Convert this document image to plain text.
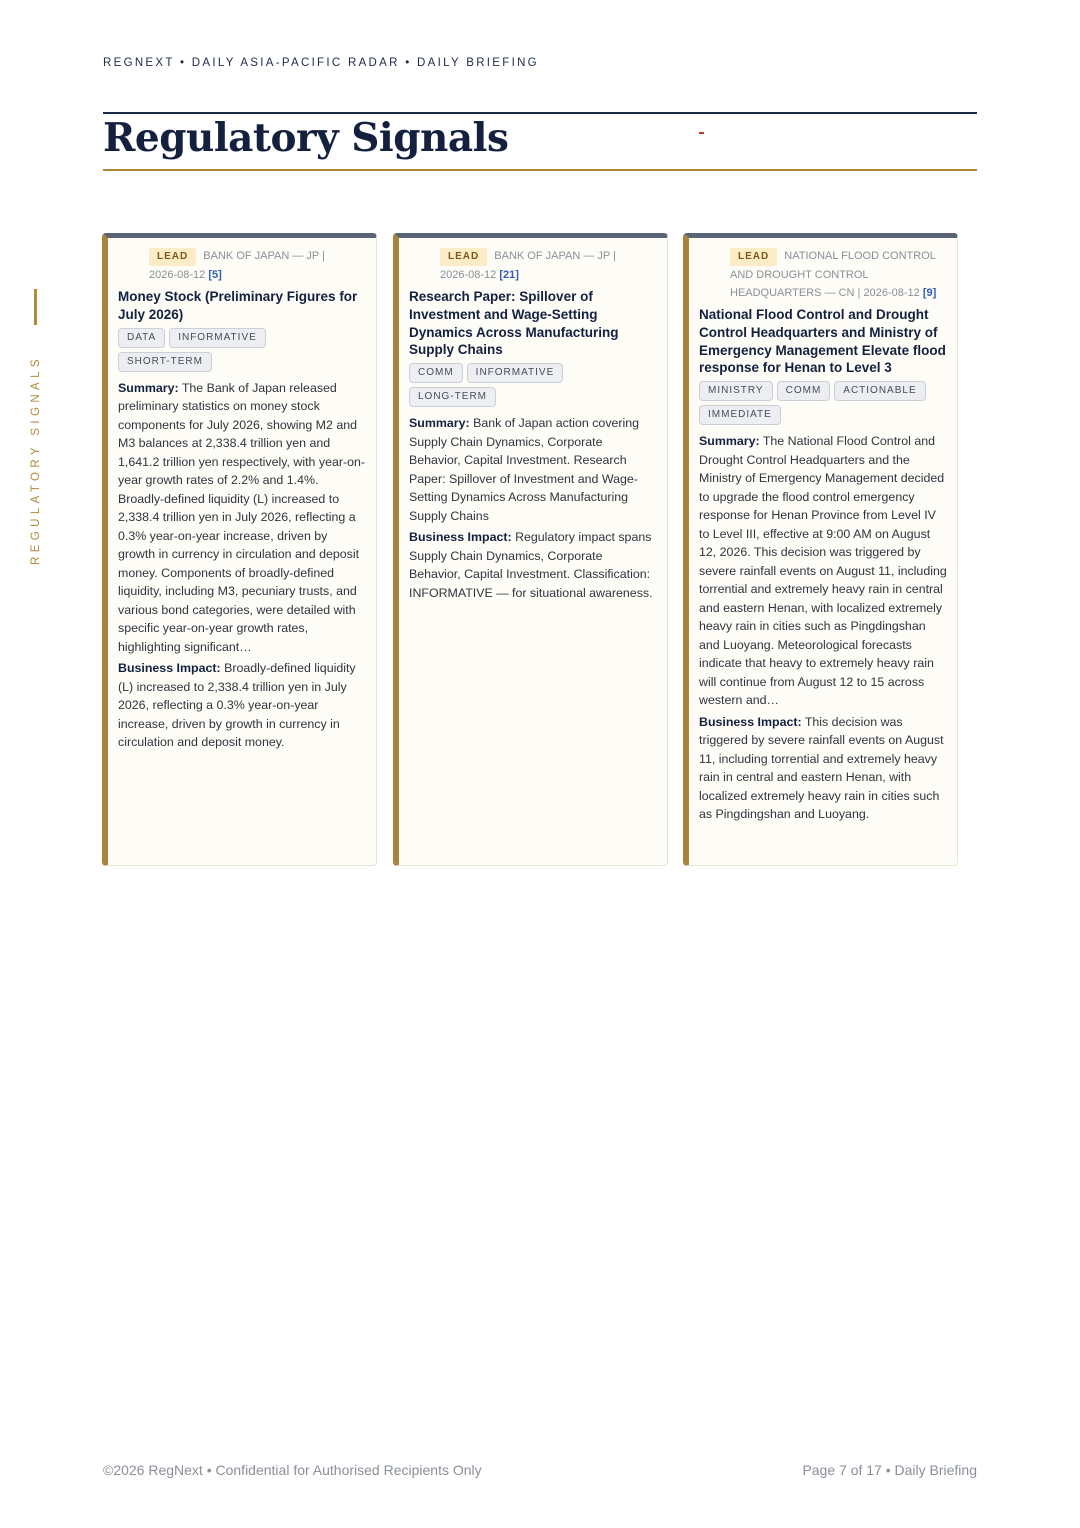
REGNEXT • DAILY ASIA-PACIFIC RADAR • DAILY BRIEFING
Regulatory Signals
REGULATORY SIGNALS
LEAD BANK OF JAPAN — JP |
2026-08-12 [5]
Money Stock (Preliminary Figures for July 2026)
DATA INFORMATIVESHORT-TERM

Summary: The Bank of Japan released preliminary statistics on money stock components for July 2026, showing M2 and M3 balances at 2,338.4 trillion yen and 1,641.2 trillion yen respectively, with year-on-year growth rates of 2.2% and 1.4%. Broadly-defined liquidity (L) increased to 2,338.4 trillion yen in July 2026, reflecting a 0.3% year-on-year increase, driven by growth in currency in circulation and deposit money. Components of broadly-defined liquidity, including M3, pecuniary trusts, and various bond categories, were detailed with specific year-on-year growth rates, highlighting significant…

Business Impact: Broadly-defined liquidity (L) increased to 2,338.4 trillion yen in July 2026, reflecting a 0.3% year-on-year increase, driven by growth in currency in circulation and deposit money.

LEAD BANK OF JAPAN — JP |
2026-08-12 [21]
Research Paper: Spillover of Investment and Wage-Setting Dynamics Across Manufacturing Supply Chains
COMM INFORMATIVELONG-TERM

Summary: Bank of Japan action covering Supply Chain Dynamics, Corporate Behavior, Capital Investment. Research Paper: Spillover of Investment and Wage-Setting Dynamics Across Manufacturing Supply Chains

Business Impact: Regulatory impact spans Supply Chain Dynamics, Corporate Behavior, Capital Investment. Classification: INFORMATIVE — for situational awareness.

LEAD NATIONAL FLOOD CONTROL AND DROUGHT CONTROL HEADQUARTERS — CN | 2026-08-12 [9]
National Flood Control and Drought Control Headquarters and Ministry of Emergency Management Elevate flood response for Henan to Level 3
MINISTRY COMM ACTIONABLEIMMEDIATE

Summary: The National Flood Control and Drought Control Headquarters and the Ministry of Emergency Management decided to upgrade the flood control emergency response for Henan Province from Level IV to Level III, effective at 9:00 AM on August 12, 2026. This decision was triggered by severe rainfall events on August 11, including torrential and extremely heavy rain in central and eastern Henan, with localized extremely heavy rain in cities such as Pingdingshan and Luoyang. Meteorological forecasts indicate that heavy to extremely heavy rain will continue from August 12 to 15 across western and…

Business Impact: This decision was triggered by severe rainfall events on August 11, including torrential and extremely heavy rain in central and eastern Henan, with localized extremely heavy rain in cities such as Pingdingshan and Luoyang.

©2026 RegNext • Confidential for Authorised Recipients Only	Page 7 of 17 • Daily Briefing
